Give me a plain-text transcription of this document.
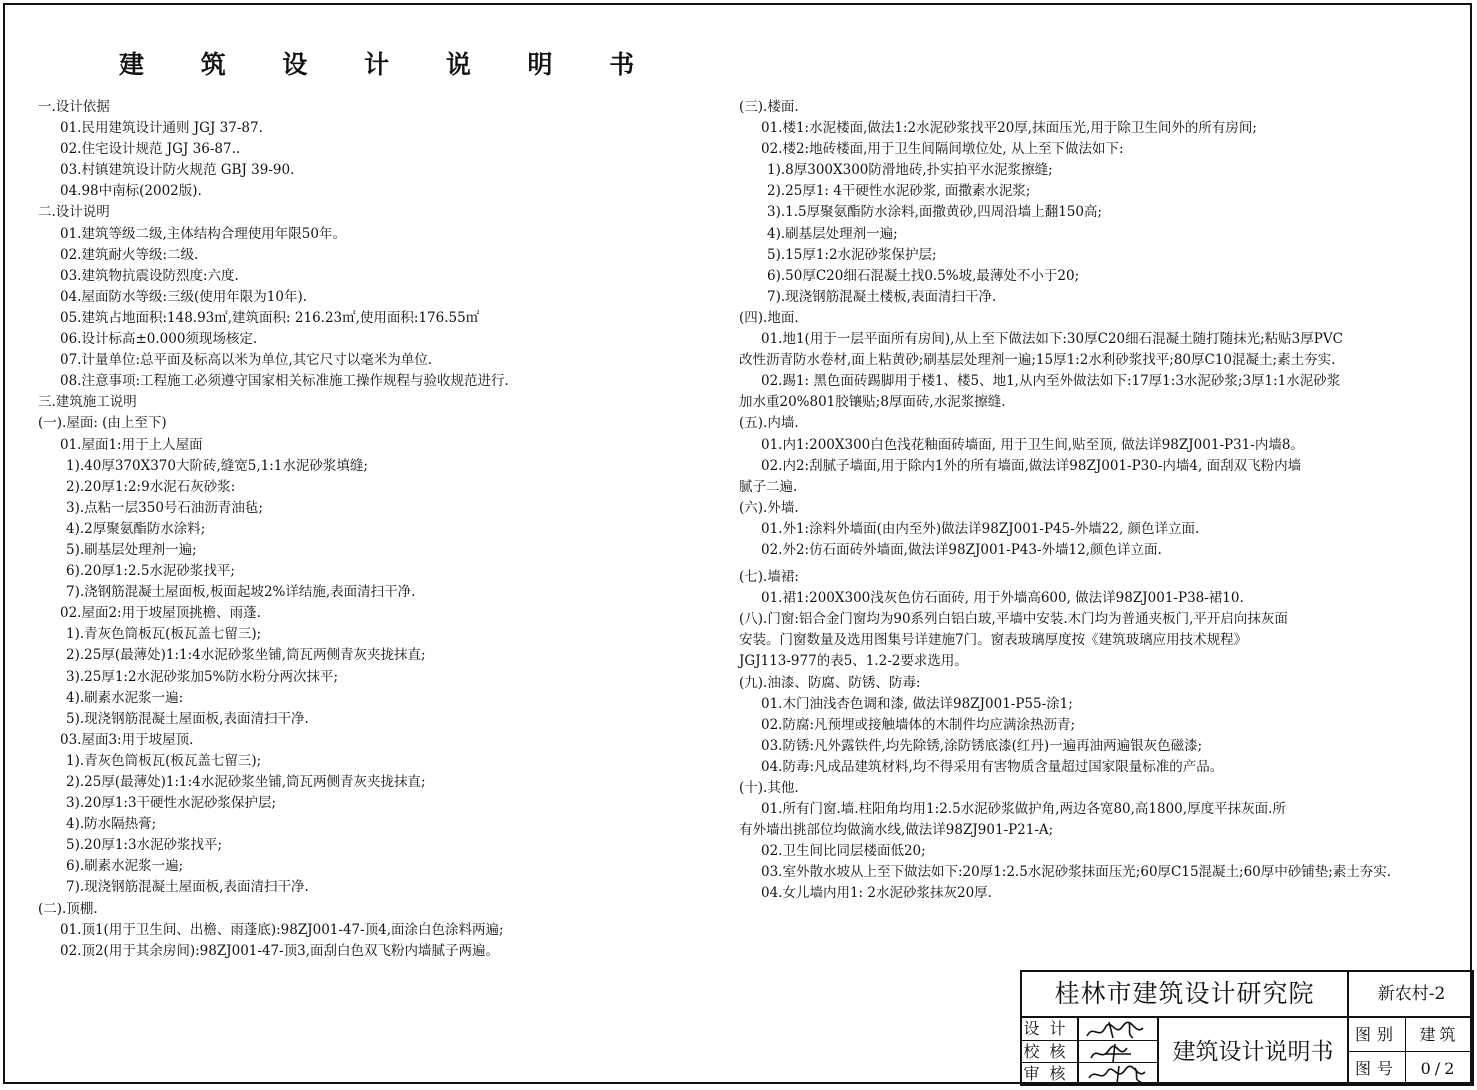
建 筑 设 计 说 明 书
一.设计依据
01.民用建筑设计通则 JGJ 37-87.
02.住宅设计规范 JGJ 36-87..
03.村镇建筑设计防火规范 GBJ 39-90.
04.98中南标(2002版).
二.设计说明
01.建筑等级二级,主体结构合理使用年限50年。
02.建筑耐火等级:二级.
03.建筑物抗震设防烈度:六度.
04.屋面防水等级:三级(使用年限为10年).
05.建筑占地面积:148.93㎡,建筑面积: 216.23㎡,使用面积:176.55㎡
06.设计标高±0.000须现场核定.
07.计量单位:总平面及标高以米为单位,其它尺寸以毫米为单位.
08.注意事项:工程施工必须遵守国家相关标准施工操作规程与验收规范进行.
三.建筑施工说明
(一).屋面: (由上至下)
01.屋面1:用于上人屋面
1).40厚370X370大阶砖,缝宽5,1:1水泥砂浆填缝;
2).20厚1:2:9水泥石灰砂浆:
3).点粘一层350号石油沥青油毡;
4).2厚聚氨酯防水涂料;
5).刷基层处理剂一遍;
6).20厚1:2.5水泥砂浆找平;
7).浇钢筋混凝土屋面板,板面起坡2%详结施,表面清扫干净.
02.屋面2:用于坡屋顶挑檐、雨蓬.
1).青灰色筒板瓦(板瓦盖七留三);
2).25厚(最薄处)1:1:4水泥砂浆坐铺,筒瓦两侧青灰夹拢抹直;
3).25厚1:2水泥砂浆加5%防水粉分两次抹平;
4).刷素水泥浆一遍:
5).现浇钢筋混凝土屋面板,表面清扫干净.
03.屋面3:用于坡屋顶.
1).青灰色筒板瓦(板瓦盖七留三);
2).25厚(最薄处)1:1:4水泥砂浆坐铺,筒瓦两侧青灰夹拢抹直;
3).20厚1:3干硬性水泥砂浆保护层;
4).防水隔热膏;
5).20厚1:3水泥砂浆找平;
6).刷素水泥浆一遍;
7).现浇钢筋混凝土屋面板,表面清扫干净.
(二).顶棚.
01.顶1(用于卫生间、出檐、雨蓬底):98ZJ001-47-顶4,面涂白色涂料两遍;
02.顶2(用于其余房间):98ZJ001-47-顶3,面刮白色双飞粉内墙腻子两遍。
(三).楼面.
01.楼1:水泥楼面,做法1:2水泥砂浆找平20厚,抹面压光,用于除卫生间外的所有房间;
02.楼2:地砖楼面,用于卫生间隔间墩位处, 从上至下做法如下:
1).8厚300X300防滑地砖,扑实拍平水泥浆擦缝;
2).25厚1: 4干硬性水泥砂浆, 面撒素水泥浆;
3).1.5厚聚氨酯防水涂料,面撒黄砂,四周沿墙上翻150高;
4).刷基层处理剂一遍;
5).15厚1:2水泥砂浆保护层;
6).50厚C20细石混凝土找0.5%坡,最薄处不小于20;
7).现浇钢筋混凝土楼板,表面清扫干净.
(四).地面.
01.地1(用于一层平面所有房间),从上至下做法如下:30厚C20细石混凝土随打随抹光;粘贴3厚PVC
改性沥青防水卷材,面上粘黄砂;刷基层处理剂一遍;15厚1:2水利砂浆找平;80厚C10混凝土;素土夯实.
02.踢1: 黑色面砖踢脚用于楼1、楼5、地1,从内至外做法如下:17厚1:3水泥砂浆;3厚1:1水泥砂浆
加水重20%801胶镶贴;8厚面砖,水泥浆擦缝.
(五).内墙.
01.内1:200X300白色浅花釉面砖墙面, 用于卫生间,贴至顶, 做法详98ZJ001-P31-内墙8。
02.内2:刮腻子墙面,用于除内1外的所有墙面,做法详98ZJ001-P30-内墙4, 面刮双飞粉内墙
腻子二遍.
(六).外墙.
01.外1:涂料外墙面(由内至外)做法详98ZJ001-P45-外墙22, 颜色详立面.
02.外2:仿石面砖外墙面,做法详98ZJ001-P43-外墙12,颜色详立面.
(七).墙裙:
01.裙1:200X300浅灰色仿石面砖, 用于外墙高600, 做法详98ZJ001-P38-裙10.
(八).门窗:铝合金门窗均为90系列白铝白玻,平墙中安装.木门均为普通夹板门,平开启向抹灰面
安装。门窗数量及选用图集号详建施7门。窗表玻璃厚度按《建筑玻璃应用技术规程》
JGJ113-977的表5、1.2-2要求选用。
(九).油漆、防腐、防锈、防毒:
01.木门油浅杏色调和漆, 做法详98ZJ001-P55-涂1;
02.防腐:凡预埋或接触墙体的木制件均应满涂热沥青;
03.防锈:凡外露铁件,均先除锈,涂防锈底漆(红丹)一遍再油两遍银灰色磁漆;
04.防毒:凡成品建筑材料,均不得采用有害物质含量超过国家限量标准的产品。
(十).其他.
01.所有门窗.墙.柱阳角均用1:2.5水泥砂浆做护角,两边各宽80,高1800,厚度平抹灰面.所
有外墙出挑部位均做滴水线,做法详98ZJ901-P21-A;
02.卫生间比同层楼面低20;
03.室外散水坡从上至下做法如下:20厚1:2.5水泥砂浆抹面压光;60厚C15混凝土;60厚中砂铺垫;素土夯实.
04.女儿墙内用1: 2水泥砂浆抹灰20厚.
桂林市建筑设计研究院	新农村-2
设计
校核
审核
建筑设计说明书
图别	建筑
图号	0/2
